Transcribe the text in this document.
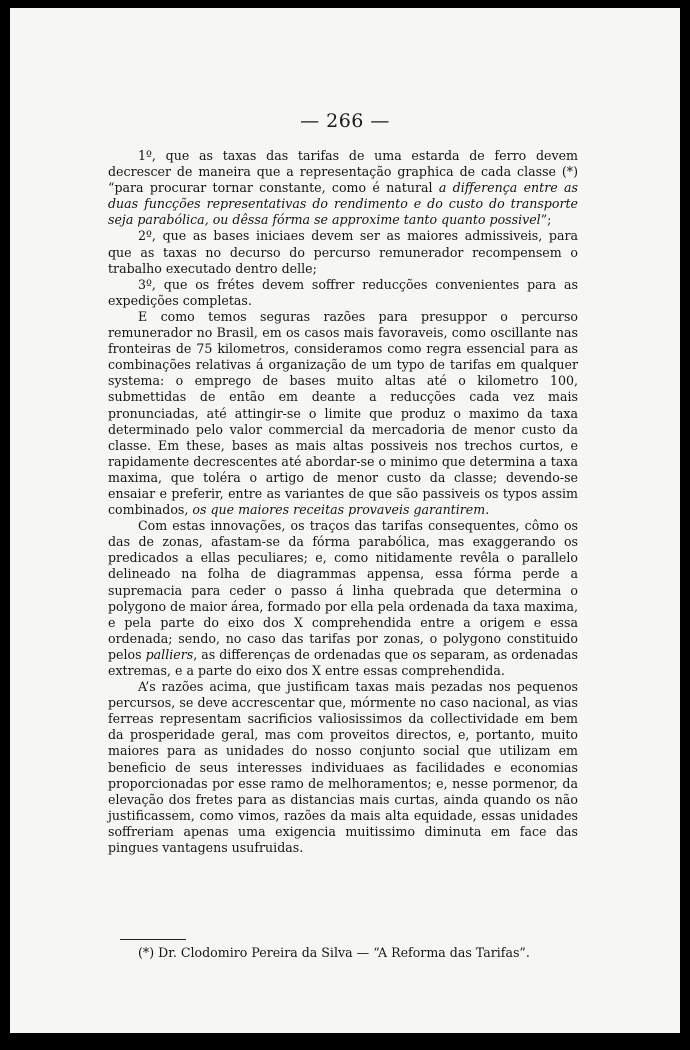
— 266 —

1º, que as taxas das tarifas de uma estarda de ferro devem decrescer de maneira que a representação graphica de cada classe (*) “para procurar tornar constante, como é natural a differença entre as duas funcções representativas do rendimento e do custo do transporte seja parabólica, ou dêssa fórma se approxime tanto quanto possivel”;

2º, que as bases iniciaes devem ser as maiores admissiveis, para que as taxas no decurso do percurso remunerador recompensem o trabalho executado dentro delle;

3º, que os frétes devem soffrer reducções convenientes para as expedições completas.

E como temos seguras razões para presuppor o percurso remunerador no Brasil, em os casos mais favoraveis, como oscillante nas fronteiras de 75 kilometros, consideramos como regra essencial para as combinações relativas á organização de um typo de tarifas em qualquer systema: o emprego de bases muito altas até o kilometro 100, submettidas de então em deante a reducções cada vez mais pronunciadas, até attingir-se o limite que produz o maximo da taxa determinado pelo valor commercial da mercadoria de menor custo da classe. Em these, bases as mais altas possiveis nos trechos curtos, e rapidamente decrescentes até abordar-se o minimo que determina a taxa maxima, que toléra o artigo de menor custo da classe; devendo-se ensaiar e preferir, entre as variantes de que são passiveis os typos assim combinados, os que maiores receitas provaveis garantirem.

Com estas innovações, os traços das tarifas consequentes, cômo os das de zonas, afastam-se da fórma parabólica, mas exaggerando os predicados a ellas peculiares; e, como nitidamente revêla o parallelo delineado na folha de diagrammas appensa, essa fórma perde a supremacia para ceder o passo á linha quebrada que determina o polygono de maior área, formado por ella pela ordenada da taxa maxima, e pela parte do eixo dos X comprehendida entre a origem e essa ordenada; sendo, no caso das tarifas por zonas, o polygono constituido pelos palliers, as differenças de ordenadas que os separam, as ordenadas extremas, e a parte do eixo dos X entre essas comprehendida.

A’s razões acima, que justificam taxas mais pezadas nos pequenos percursos, se deve accrescentar que, mórmente no caso nacional, as vias ferreas representam sacrificios valiosissimos da collectividade em bem da prosperidade geral, mas com proveitos directos, e, portanto, muito maiores para as unidades do nosso conjunto social que utilizam em beneficio de seus interesses individuaes as facilidades e economias proporcionadas por esse ramo de melhoramentos; e, nesse pormenor, da elevação dos fretes para as distancias mais curtas, ainda quando os não justificassem, como vimos, razões da mais alta equidade, essas unidades soffreriam apenas uma exigencia muitissimo diminuta em face das pingues vantagens usufruidas.

(*) Dr. Clodomiro Pereira da Silva — “A Reforma das Tarifas”.
